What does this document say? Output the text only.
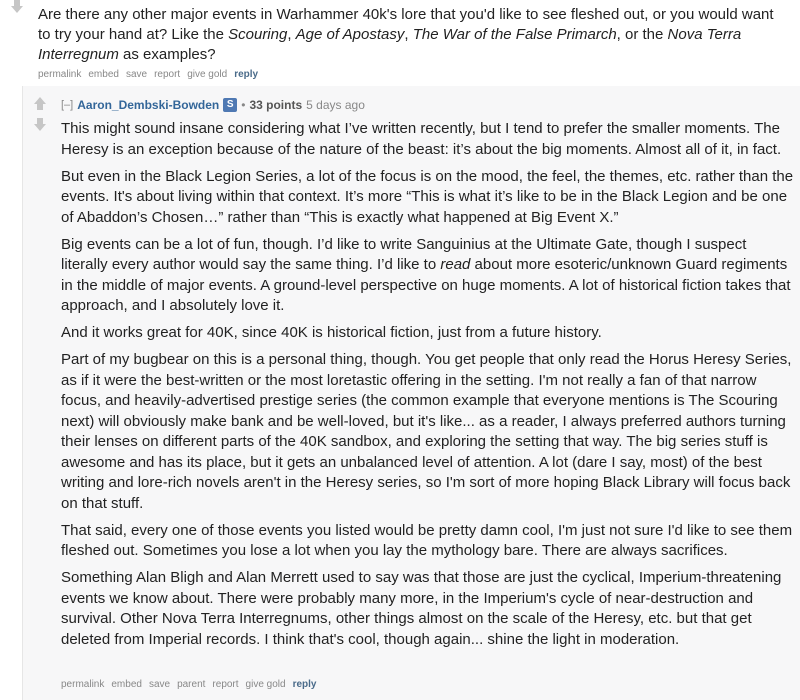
Are there any other major events in Warhammer 40k's lore that you'd like to see fleshed out, or you would want to try your hand at? Like the Scouring, Age of Apostasy, The War of the False Primarch, or the Nova Terra Interregnum as examples?
permalink embed save report give gold reply
[–] Aaron_Dembski-Bowden S • 33 points 5 days ago

This might sound insane considering what I’ve written recently, but I tend to prefer the smaller moments. The Heresy is an exception because of the nature of the beast: it’s about the big moments. Almost all of it, in fact.

But even in the Black Legion Series, a lot of the focus is on the mood, the feel, the themes, etc. rather than the events. It's about living within that context. It’s more “This is what it’s like to be in the Black Legion and be one of Abaddon’s Chosen…” rather than “This is exactly what happened at Big Event X.”

Big events can be a lot of fun, though. I’d like to write Sanguinius at the Ultimate Gate, though I suspect literally every author would say the same thing. I’d like to read about more esoteric/unknown Guard regiments in the middle of major events. A ground-level perspective on huge moments. A lot of historical fiction takes that approach, and I absolutely love it.

And it works great for 40K, since 40K is historical fiction, just from a future history.

Part of my bugbear on this is a personal thing, though. You get people that only read the Horus Heresy Series, as if it were the best-written or the most loretastic offering in the setting. I'm not really a fan of that narrow focus, and heavily-advertised prestige series (the common example that everyone mentions is The Scouring next) will obviously make bank and be well-loved, but it's like... as a reader, I always preferred authors turning their lenses on different parts of the 40K sandbox, and exploring the setting that way. The big series stuff is awesome and has its place, but it gets an unbalanced level of attention. A lot (dare I say, most) of the best writing and lore-rich novels aren't in the Heresy series, so I'm sort of more hoping Black Library will focus back on that stuff.

That said, every one of those events you listed would be pretty damn cool, I'm just not sure I'd like to see them fleshed out. Sometimes you lose a lot when you lay the mythology bare. There are always sacrifices.

Something Alan Bligh and Alan Merrett used to say was that those are just the cyclical, Imperium-threatening events we know about. There were probably many more, in the Imperium's cycle of near-destruction and survival. Other Nova Terra Interregnums, other things almost on the scale of the Heresy, etc. but that get deleted from Imperial records. I think that's cool, though again... shine the light in moderation.

permalink embed save parent report give gold reply
